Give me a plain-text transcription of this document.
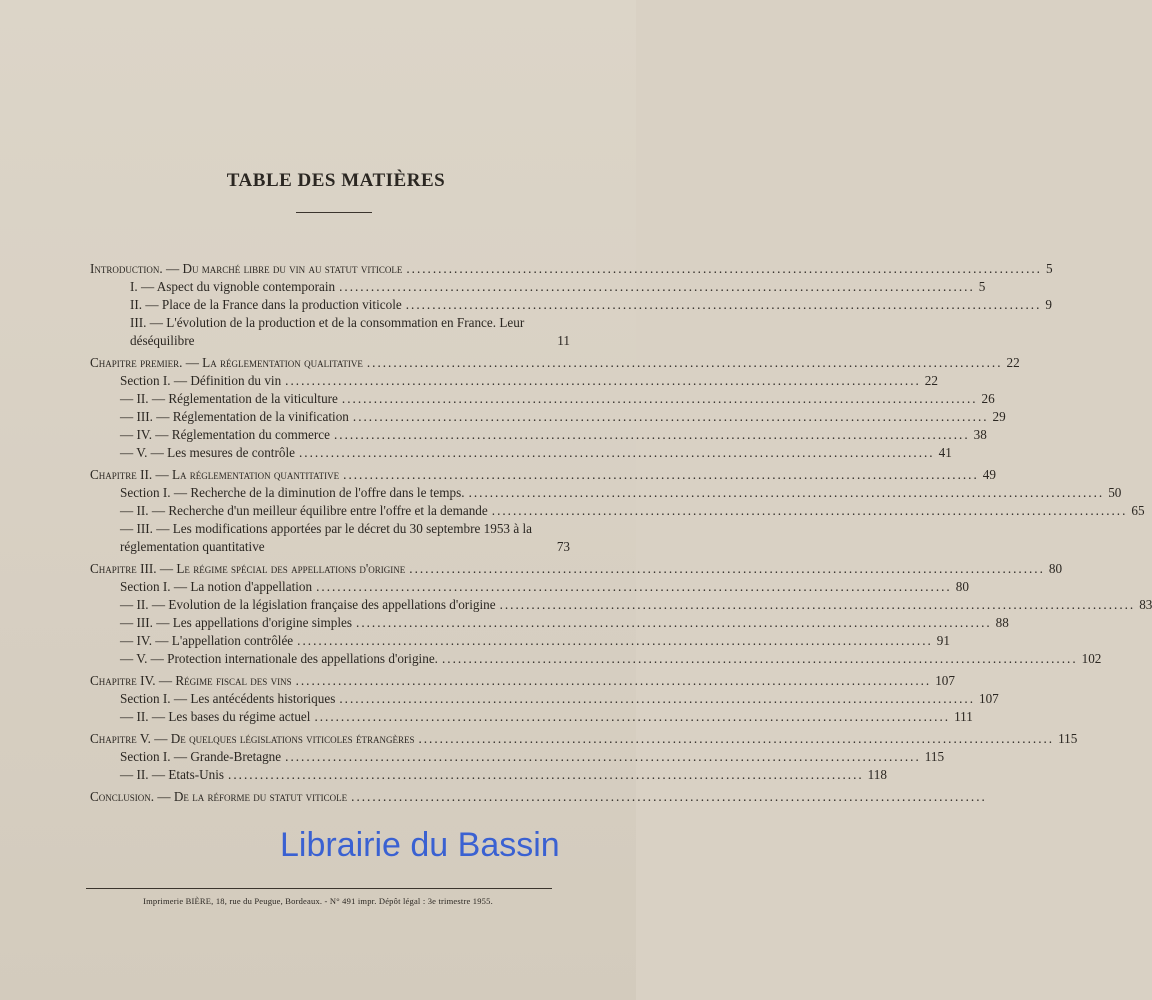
TABLE DES MATIÈRES
Introduction. — Du marché libre du vin au statut viticole ........................................................................................................................ 5
I. — Aspect du vignoble contemporain ........................................................................................................................ 5
II. — Place de la France dans la production viticole ........................................................................................................................ 9
III. — L'évolution de la production et de la consommation en France. Leur déséquilibre	11
Chapitre premier. — La réglementation qualitative ........................................................................................................................ 22
Section I. — Définition du vin ........................................................................................................................ 22
— II. — Réglementation de la viticulture ........................................................................................................................ 26
— III. — Réglementation de la vinification ........................................................................................................................ 29
— IV. — Réglementation du commerce ........................................................................................................................ 38
— V. — Les mesures de contrôle ........................................................................................................................ 41
Chapitre II. — La réglementation quantitative ........................................................................................................................ 49
Section I. — Recherche de la diminution de l'offre dans le temps. ........................................................................................................................ 50
— II. — Recherche d'un meilleur équilibre entre l'offre et la demande ........................................................................................................................ 65
— III. — Les modifications apportées par le décret du 30 septembre 1953 à la réglementation quantitative	73
Chapitre III. — Le régime spécial des appellations d'origine ........................................................................................................................ 80
Section I. — La notion d'appellation ........................................................................................................................ 80
— II. — Evolution de la législation française des appellations d'origine ........................................................................................................................ 83
— III. — Les appellations d'origine simples ........................................................................................................................ 88
— IV. — L'appellation contrôlée ........................................................................................................................ 91
— V. — Protection internationale des appellations d'origine. ........................................................................................................................ 102
Chapitre IV. — Régime fiscal des vins ........................................................................................................................ 107
Section I. — Les antécédents historiques ........................................................................................................................ 107
— II. — Les bases du régime actuel ........................................................................................................................ 111
Chapitre V. — De quelques législations viticoles étrangères ........................................................................................................................ 115
Section I. — Grande-Bretagne ........................................................................................................................ 115
— II. — Etats-Unis ........................................................................................................................ 118
Conclusion. — De la réforme du statut viticole ........................................................................................................................
Imprimerie BIÈRE, 18, rue du Peugue, Bordeaux. - N° 491 impr. Dépôt légal : 3e trimestre 1955.
Librairie du Bassin
